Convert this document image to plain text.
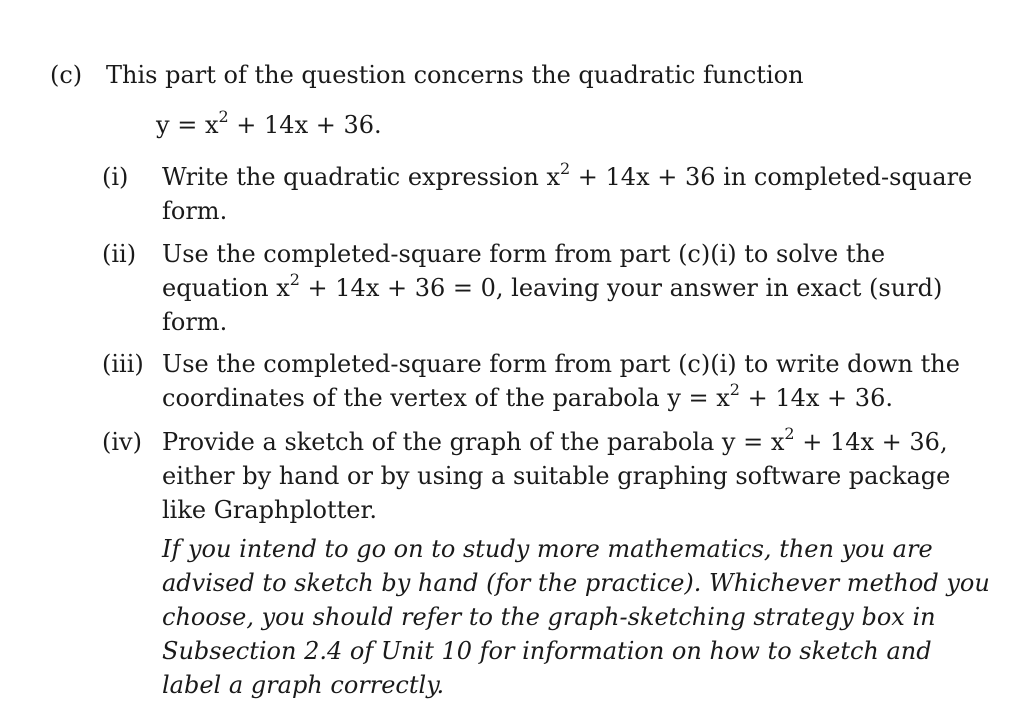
(c) This part of the question concerns the quadratic function
$y = x^2 + 14x + 36$.
(i) Write the quadratic expression $x^2 + 14x + 36$ in completed-square
form.
(ii) Use the completed-square form from part (c)(i) to solve the
equation $x^2 + 14x + 36 = 0$, leaving your answer in exact (surd)
form.
(iii) Use the completed-square form from part (c)(i) to write down the
coordinates of the vertex of the parabola $y = x^2 + 14x + 36$.
(iv) Provide a sketch of the graph of the parabola $y = x^2 + 14x + 36$,
either by hand or by using a suitable graphing software package
like Graphplotter.
If you intend to go on to study more mathematics, then you are
advised to sketch by hand (for the practice). Whichever method you
choose, you should refer to the graph-sketching strategy box in
Subsection 2.4 of Unit 10 for information on how to sketch and
label a graph correctly.
